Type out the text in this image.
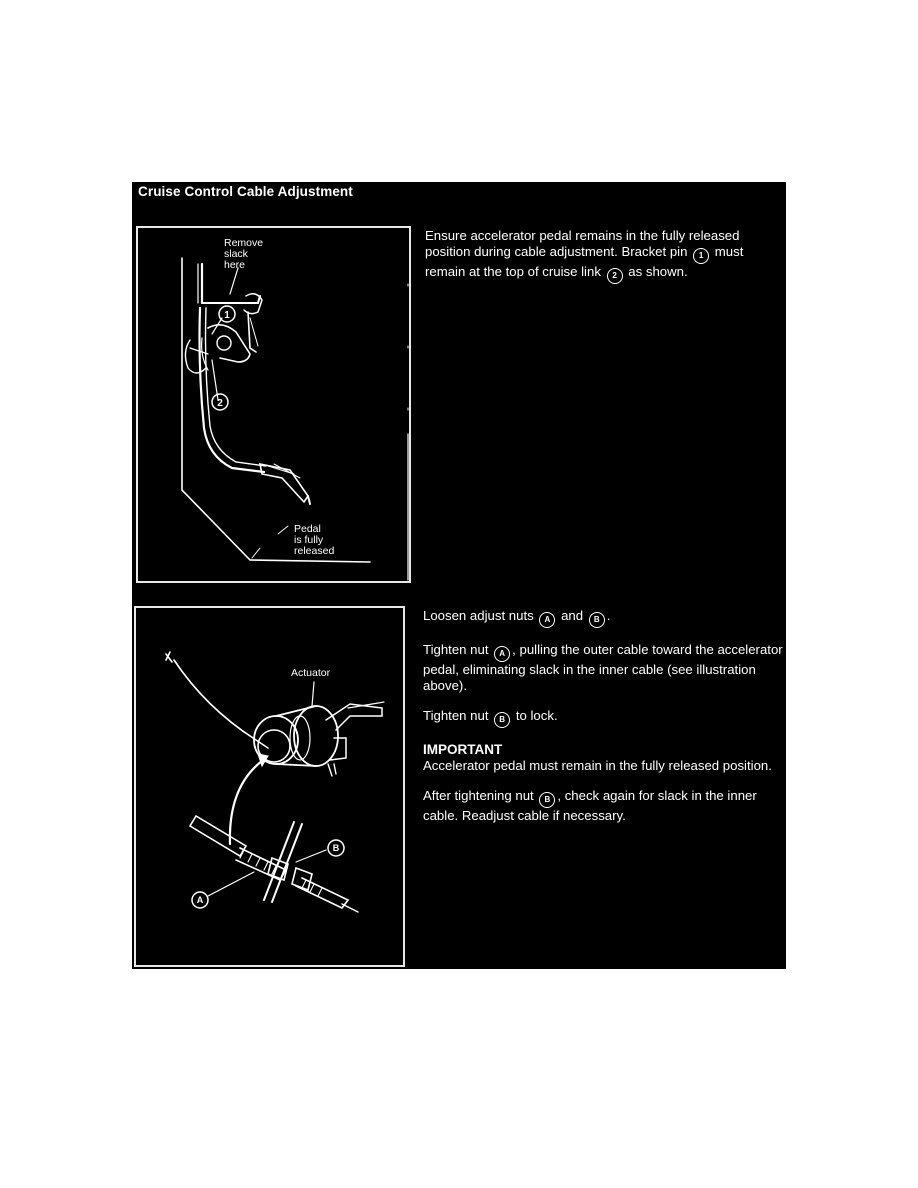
Cruise Control Cable Adjustment
1
2
Remove
slack
here
Pedal
is fully
released

Ensure accelerator pedal remains in the fully released position during cable adjustment. Bracket pin 1 must remain at the top of cruise link 2 as shown.

A
B
Actuator

Loosen adjust nuts A and B .

Tighten nut A , pulling the outer cable toward the accelerator pedal, eliminating slack in the inner cable (see illustration above).

Tighten nut B to lock.

IMPORTANT

Accelerator pedal must remain in the fully released position.

After tightening nut B , check again for slack in the inner cable. Readjust cable if necessary.
